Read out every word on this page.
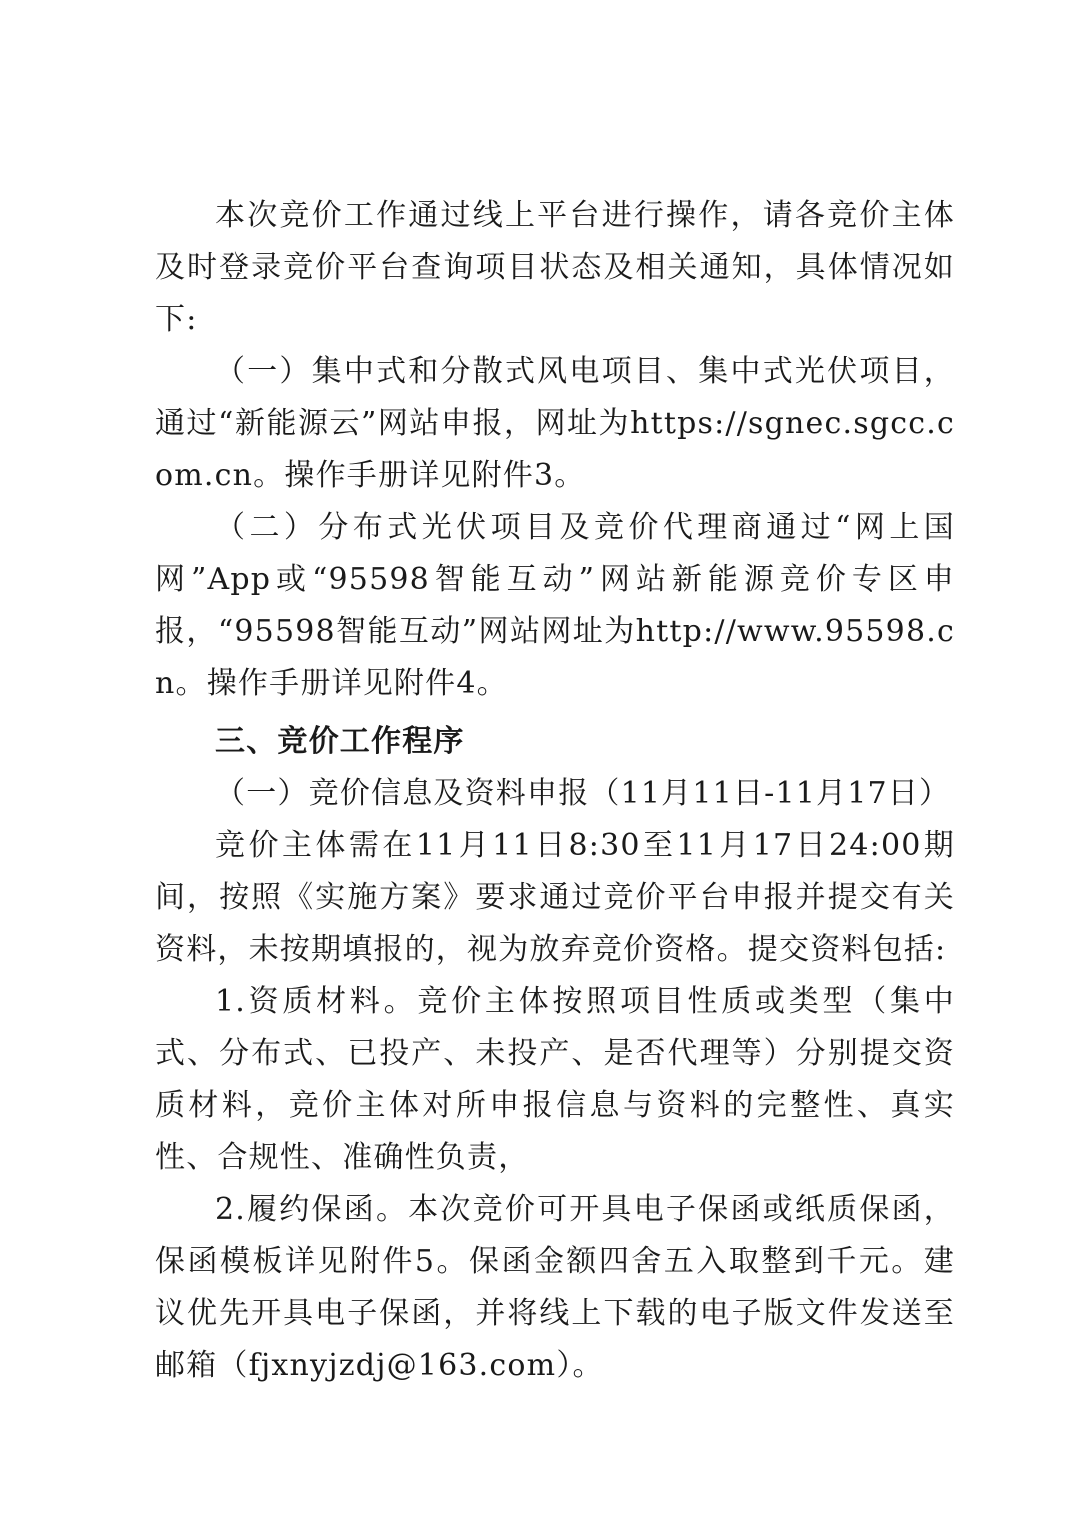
本次竞价工作通过线上平台进行操作，请各竞价主体及时登录竞价平台查询项目状态及相关通知，具体情况如下:

（一）集中式和分散式风电项目、集中式光伏项目，通过“新能源云”网站申报，网址为https://sgnec.sgcc.com.cn。操作手册详见附件3。

（二）分布式光伏项目及竞价代理商通过“网上国网”App或“95598智能互动”网站新能源竞价专区申报，“95598智能互动”网站网址为http://www.95598.cn。操作手册详见附件4。

三、竞价工作程序

（一）竞价信息及资料申报（11月11日-11月17日）

竞价主体需在11月11日8:30至11月17日24:00期间，按照《实施方案》要求通过竞价平台申报并提交有关资料，未按期填报的，视为放弃竞价资格。提交资料包括:

1.资质材料。竞价主体按照项目性质或类型（集中式、分布式、已投产、未投产、是否代理等）分别提交资质材料，竞价主体对所申报信息与资料的完整性、真实性、合规性、准确性负责，

2.履约保函。本次竞价可开具电子保函或纸质保函，保函模板详见附件5。保函金额四舍五入取整到千元。建议优先开具电子保函，并将线上下载的电子版文件发送至邮箱（fjxnyjzdj@163.com）。
